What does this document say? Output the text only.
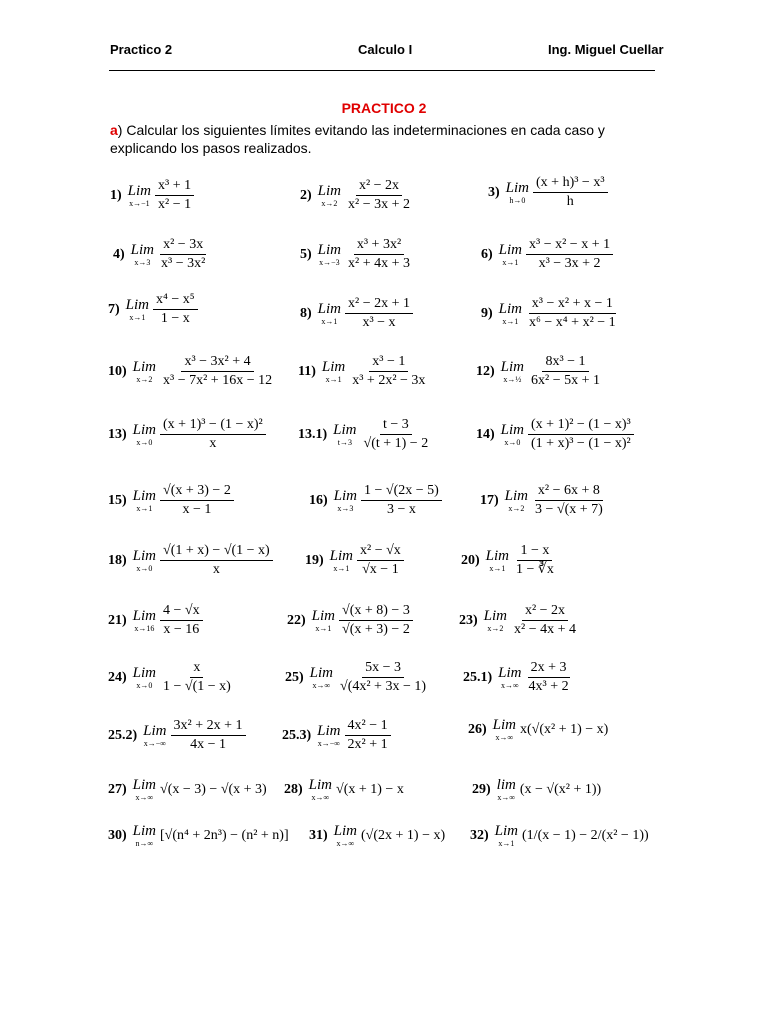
Practico 2	Calculo I	Ing. Miguel Cuellar
PRACTICO 2
a) Calcular los siguientes límites evitando las indeterminaciones en cada caso y explicando los pasos realizados.
1) Lim
$x\to-1 \frac{\text{x³ + 1}}{\text{x² − 1}}$	2) Lim
$x\to 2 \frac{\text{x² − 2x}}{\text{x² − 3x + 2}}$	3) Lim
$h\to 0 \frac{\text{(x + h)³ − x³}}{h}$
4) Lim
$x\to 3 \frac{\text{x² − 3x}}{\text{x³ − 3x²}}$	5) Lim
$x\to-3 \frac{\text{x³ + 3x²}}{\text{x² + 4x + 3}}$	6) Lim
$x\to 1 \frac{\text{x³ − x² − x + 1}}{\text{x³ − 3x + 2}}$
7) Lim
$x\to 1 \frac{\text{x⁴ − x⁵}}{1 - x}$	8) Lim
$x\to 1 \frac{\text{x² − 2x + 1}}{\text{x³ − x}}$	9) Lim
$x\to 1 \frac{\text{x³ − x² + x − 1}}{\text{x⁶ − x⁴ + x² − 1}}$
10) Lim
$x\to 2 \frac{\text{x³ − 3x² + 4}}{\text{x³ − 7x² + 16x − 12}} 11$) Lim
$x\to 1 \frac{\text{x³ − 1}}{\text{x³ + 2x² − 3x}}$	12) Lim
x→½ $\frac{\text{8x³ − 1}}{\text{6x² − 5x + 1}}$
13) Lim
$x\to 0 \frac{\text{(x + 1)³ − (1 − x)²}}{x} 13.1$) Lim
$t\to 3 \frac{t - 3}{√(t + 1) - 2}$	14) Lim
$x\to 0 \frac{\text{(x + 1)² − (1 − x)³}}{\text{(1 + x)³ − (1 − x)²}}$
15) Lim
$x\to 1 \frac{√(x + 3) - 2}{x - 1}$	16) Lim
$x\to 3 \frac{1 - √(2x - 5)}{3 - x}$	17) Lim
$x\to 2 \frac{\text{x² − 6x + 8}}{3 - √(x + 7)}$
18) Lim
$x\to 0 \frac{√(1 + x) - √(1 - x)}{x} 19$) Lim
$x\to 1 \frac{\text{x² − √x}}{√x - 1}$	20) Lim
$x\to 1 \frac{1 - x}{1 - ∛x}$
21) Lim
$x\to 16 \frac{4 - √x}{x - 16}$	22) Lim
$x\to 1 \frac{√(x + 8) - 3}{√(x + 3) - 2}$	23) Lim
$x\to 2 \frac{\text{x² − 2x}}{\text{x² − 4x + 4}}$
24) Lim
$x\to 0 \frac{x}{1 - √(1 - x)}$	25) Lim
$x\to\infty \frac{5x - 3}{\text{√(4x² + 3x − 1)}} 25.1$) Lim
$x\to\infty \frac{2x + 3}{\text{4x³ + 2}}$
25.2) Lim
$x\to-\infty \frac{\text{3x² + 2x + 1}}{4x - 1}$	25.3) Lim
$x\to-\infty \frac{\text{4x² − 1}}{\text{2x² + 1}}$	26) Lim
x→∞
x(√(x² + 1) − x)
27) Lim
x→∞
√(x − 3) − √(x + 3) 28) Lim
x→∞
√(x + 1) − x	29) lim
x→∞
(x − √(x² + 1))
30) Lim
n→∞
[√(n⁴ + 2n³) − (n² + n)] 31) Lim
x→∞
(√(2x + 1) − x) 32) Lim
x→1
(1/(x − 1) − 2/(x² − 1))
